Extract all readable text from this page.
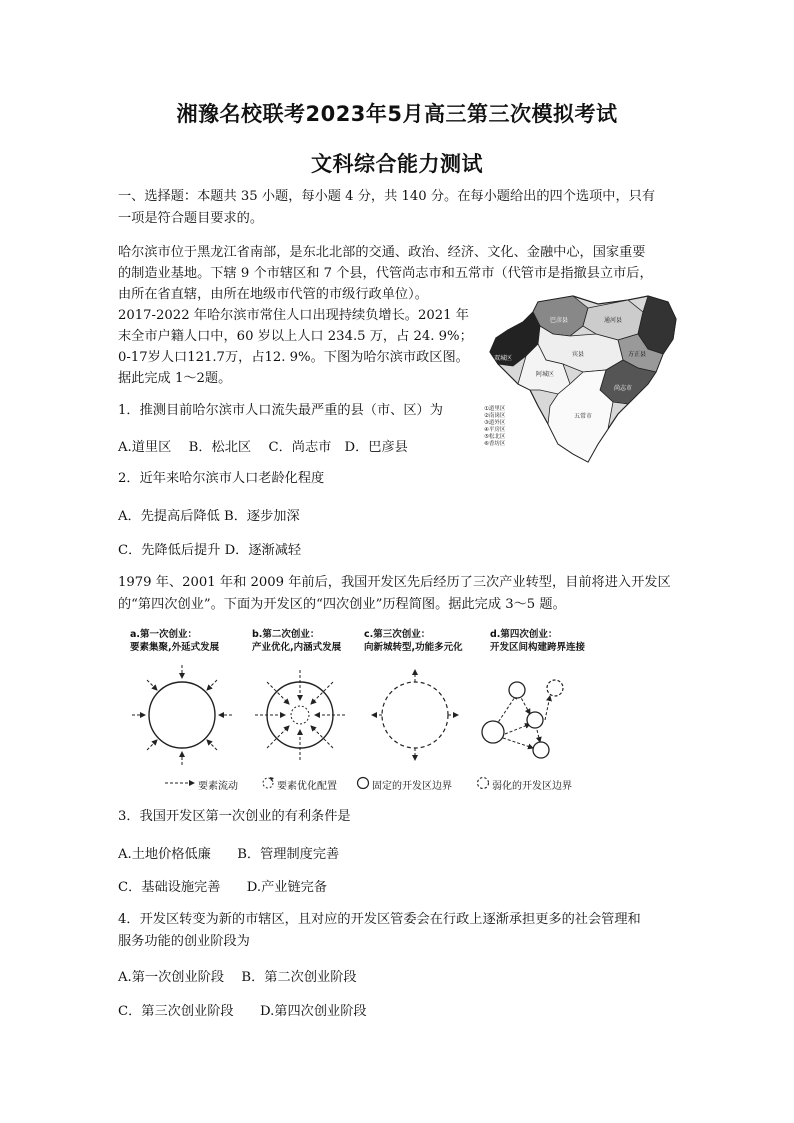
湘豫名校联考2023年5月高三第三次模拟考试
文科综合能力测试
一、选择题：本题共 35 小题，每小题 4 分，共 140 分。在每小题给出的四个选项中，只有
一项是符合题目要求的。
哈尔滨市位于黑龙江省南部，是东北北部的交通、政治、经济、文化、金融中心，国家重要
的制造业基地。下辖 9 个市辖区和 7 个县，代管尚志市和五常市（代管市是指撤县立市后，
由所在省直辖，由所在地级市代管的市级行政单位）。
2017-2022 年哈尔滨市常住人口出现持续负增长。2021 年
末全市户籍人口中，60 岁以上人口 234.5 万，占 24. 9%；
0-17岁人口121.7万，占12. 9%。下图为哈尔滨市政区图。
据此完成 1～2题。
巴彦县	通河县
方正县
宾县
阿城区
尚志市
五常市
双城区
①道里区
②南岗区
③道外区
④平房区
⑤松北区
⑥香坊区
1．推测目前哈尔滨市人口流失最严重的县（市、区）为
A.道里区　 B．松北区　 C．尚志市　D．巴彦县
2．近年来哈尔滨市人口老龄化程度
A．先提高后降低 B．逐步加深
C．先降低后提升 D．逐渐减轻
1979 年、2001 年和 2009 年前后，我国开发区先后经历了三次产业转型，目前将进入开发区
的“第四次创业”。下面为开发区的“四次创业”历程简图。据此完成 3～5 题。
a.第一次创业：
要素集聚,外延式发展
b.第二次创业：
产业优化,内涵式发展
c.第三次创业：
向新城转型,功能多元化
d.第四次创业：
开发区间构建跨界连接
要素流动	要素优化配置	固定的开发区边界	弱化的开发区边界
3．我国开发区第一次创业的有利条件是
A.土地价格低廉　　B．管理制度完善
C．基础设施完善　　D.产业链完备
4．开发区转变为新的市辖区，且对应的开发区管委会在行政上逐渐承担更多的社会管理和
服务功能的创业阶段为
A.第一次创业阶段　 B．第二次创业阶段
C．第三次创业阶段　　D.第四次创业阶段
